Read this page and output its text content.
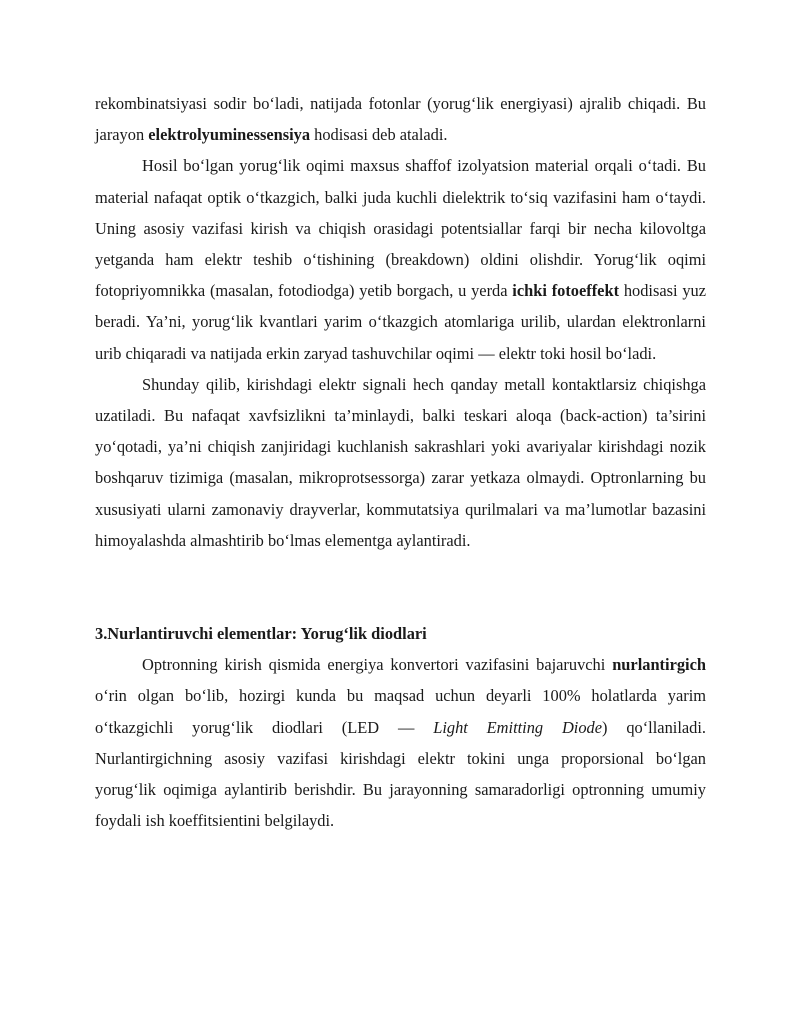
rekombinatsiyasi sodir bo‘ladi, natijada fotonlar (yorug‘lik energiyasi) ajralib chiqadi. Bu jarayon elektrolyuminessensiya hodisasi deb ataladi.

Hosil bo‘lgan yorug‘lik oqimi maxsus shaffof izolyatsion material orqali o‘tadi. Bu material nafaqat optik o‘tkazgich, balki juda kuchli dielektrik to‘siq vazifasini ham o‘taydi. Uning asosiy vazifasi kirish va chiqish orasidagi potentsiallar farqi bir necha kilovoltga yetganda ham elektr teshib o‘tishining (breakdown) oldini olishdir. Yorug‘lik oqimi fotopriyomnikka (masalan, fotodiodga) yetib borgach, u yerda ichki fotoeffekt hodisasi yuz beradi. Ya’ni, yorug‘lik kvantlari yarim o‘tkazgich atomlariga urilib, ulardan elektronlarni urib chiqaradi va natijada erkin zaryad tashuvchilar oqimi — elektr toki hosil bo‘ladi.

Shunday qilib, kirishdagi elektr signali hech qanday metall kontaktlarsiz chiqishga uzatiladi. Bu nafaqat xavfsizlikni ta’minlaydi, balki teskari aloqa (back-action) ta’sirini yo‘qotadi, ya’ni chiqish zanjiridagi kuchlanish sakrashlari yoki avariyalar kirishdagi nozik boshqaruv tizimiga (masalan, mikroprotsessorga) zarar yetkaza olmaydi. Optronlarning bu xususiyati ularni zamonaviy drayverlar, kommutatsiya qurilmalari va ma’lumotlar bazasini himoyalashda almashtirib bo‘lmas elementga aylantiradi.

3.Nurlantiruvchi elementlar: Yorug‘lik diodlari

Optronning kirish qismida energiya konvertori vazifasini bajaruvchi nurlantirgich o‘rin olgan bo‘lib, hozirgi kunda bu maqsad uchun deyarli 100% holatlarda yarim o‘tkazgichli yorug‘lik diodlari (LED — Light Emitting Diode) qo‘llaniladi. Nurlantirgichning asosiy vazifasi kirishdagi elektr tokini unga proporsional bo‘lgan yorug‘lik oqimiga aylantirib berishdir. Bu jarayonning samaradorligi optronning umumiy foydali ish koeffitsientini belgilaydi.
